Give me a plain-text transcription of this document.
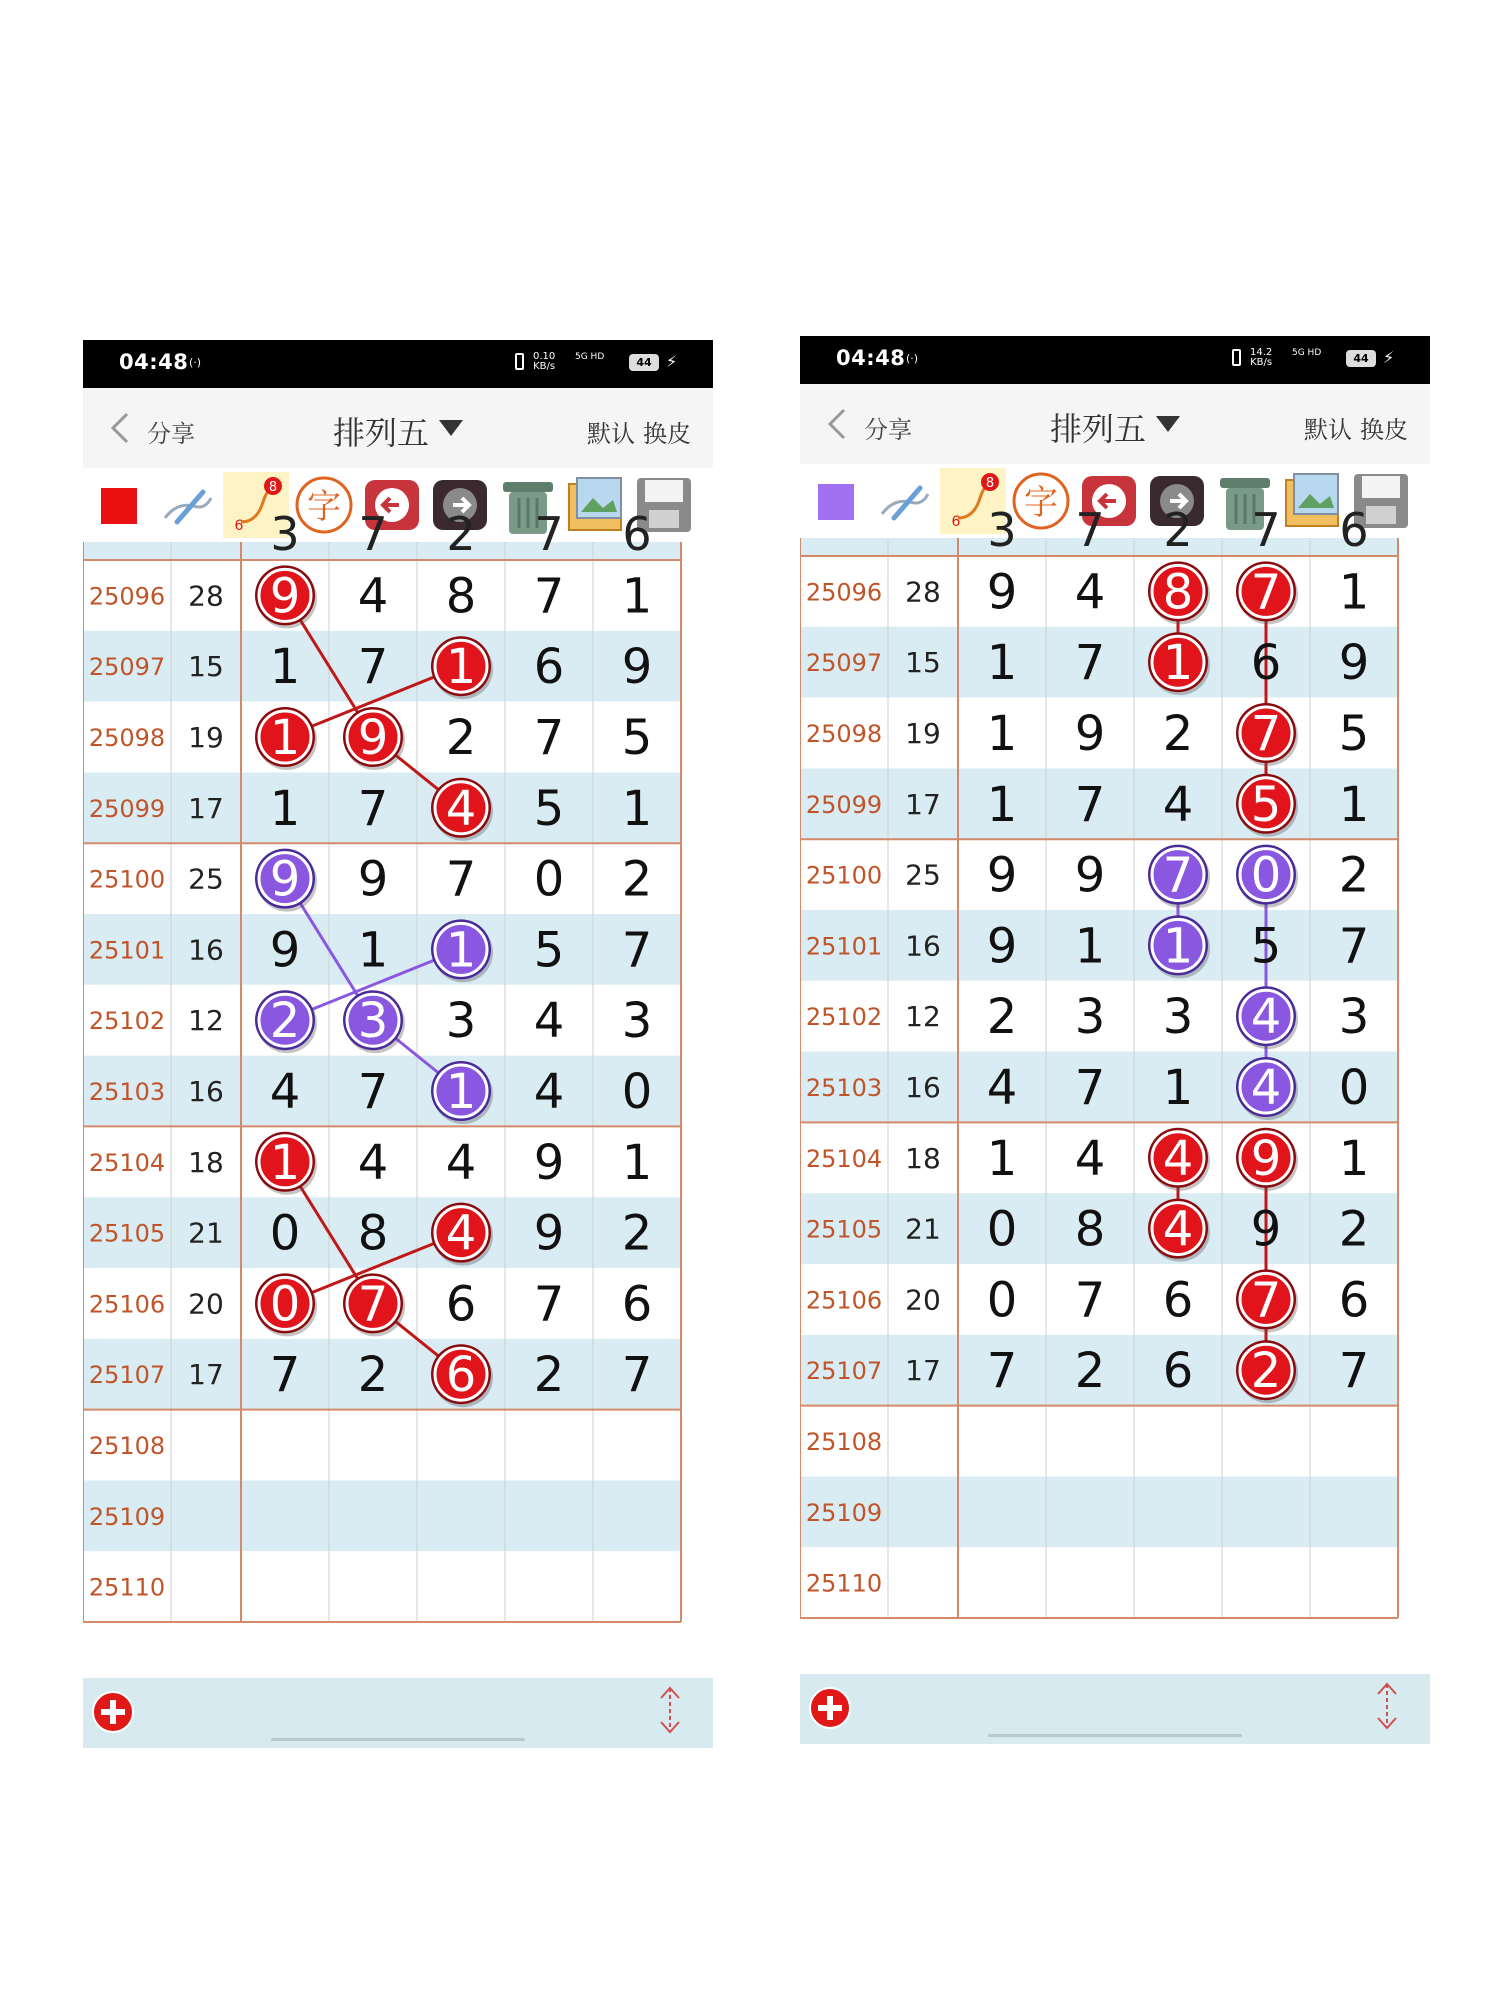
04:48 (·)	0.10
KB/s
5G HD	44 ⚡
分享	排列五	默认 换皮
8
6 字
3 7 2 7 6
25096 28 9 4 8 7 1
25097 15 1 7 1 6 9
25098 19 1 9 2 7 5
25099 17 1 7 4 5 1
25100 25 9 9 7 0 2
25101 16 9 1 1 5 7
25102 12 2 3 3 4 3
25103 16 4 7 1 4 0
25104 18 1 4 4 9 1
25105 21 0 8 4 9 2
25106 20 0 7 6 7 6
25107 17 7 2 6 2 7
25108
25109
25110
04:48 (·)	14.2
KB/s
5G HD	44 ⚡
分享	排列五	默认 换皮
8
6 字
3 7 2 7 6
25096 28 9 4 8 7 1
25097 15 1 7 1 6 9
25098 19 1 9 2 7 5
25099 17 1 7 4 5 1
25100 25 9 9 7 0 2
25101 16 9 1 1 5 7
25102 12 2 3 3 4 3
25103 16 4 7 1 4 0
25104 18 1 4 4 9 1
25105 21 0 8 4 9 2
25106 20 0 7 6 7 6
25107 17 7 2 6 2 7
25108
25109
25110
